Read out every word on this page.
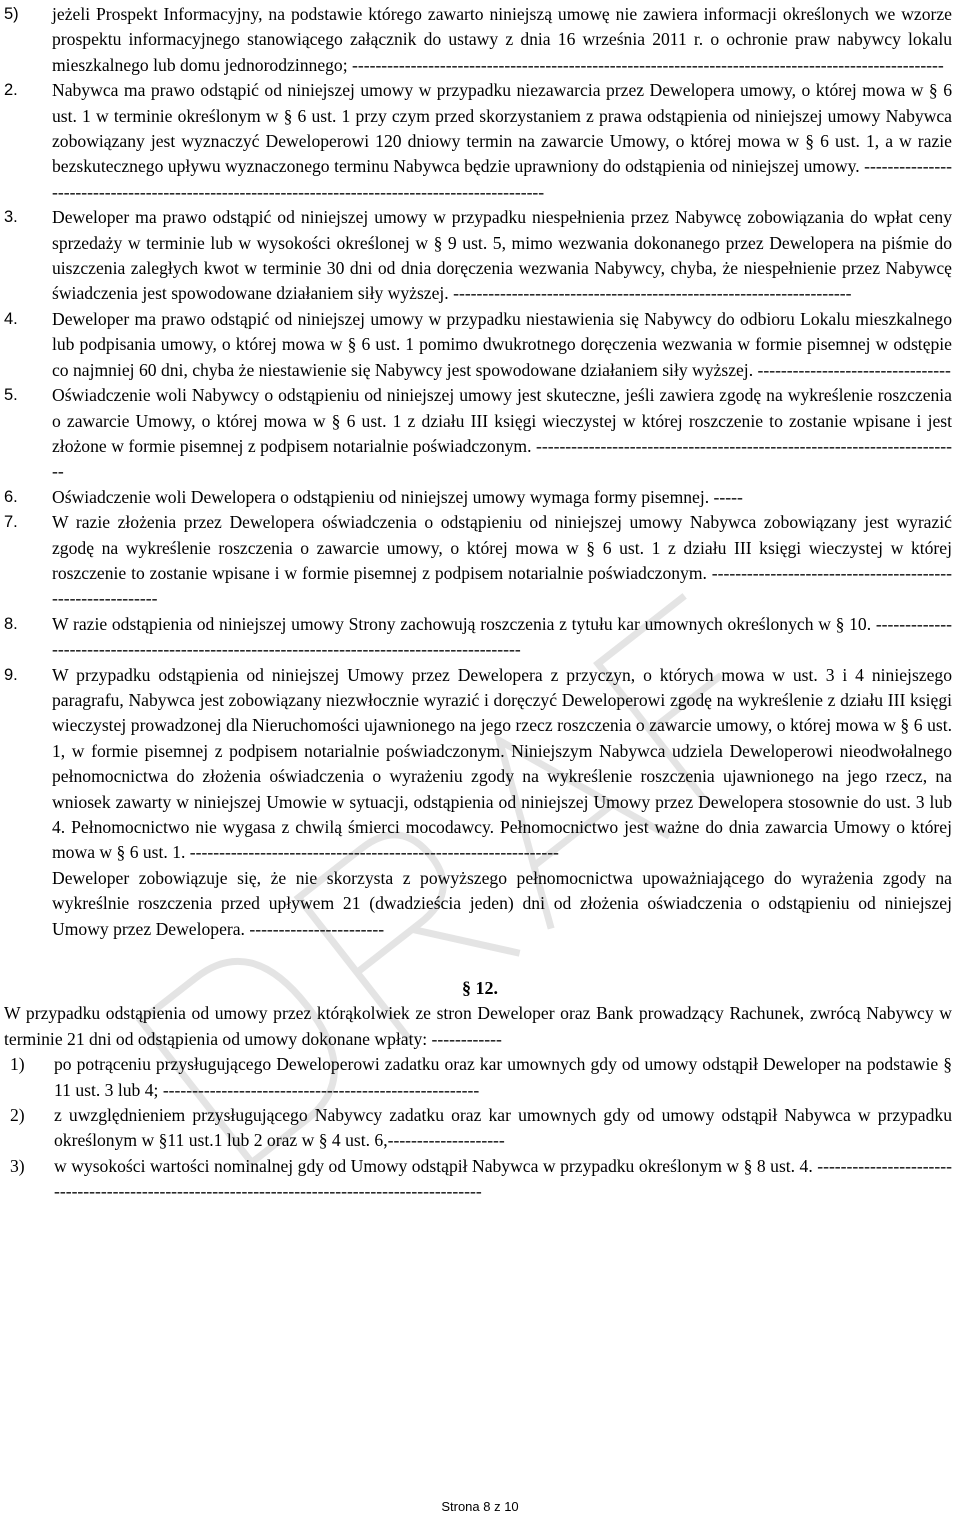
5) jeżeli Prospekt Informacyjny, na podstawie którego zawarto niniejszą umowę nie zawiera informacji określonych we wzorze prospektu informacyjnego stanowiącego załącznik do ustawy z dnia 16 września 2011 r. o ochronie praw nabywcy lokalu mieszkalnego lub domu jednorodzinnego; -----------------------------------------------------------------------------------------------------

2. Nabywca ma prawo odstąpić od niniejszej umowy w przypadku niezawarcia przez Dewelopera umowy, o której mowa w § 6 ust. 1 w terminie określonym w § 6 ust. 1 przy czym przed skorzystaniem z prawa odstąpienia od niniejszej umowy Nabywca zobowiązany jest wyznaczyć Deweloperowi 120 dniowy termin na zawarcie Umowy, o której mowa w § 6 ust. 1, a w razie bezskutecznego upływu wyznaczonego terminu Nabywca będzie uprawniony do odstąpienia od niniejszej umowy. ---------------------------------------------------------------------------------------------------

3. Deweloper ma prawo odstąpić od niniejszej umowy w przypadku niespełnienia przez Nabywcę zobowiązania do wpłat ceny sprzedaży w terminie lub w wysokości określonej w § 9 ust. 5, mimo wezwania dokonanego przez Dewelopera na piśmie do uiszczenia zaległych kwot w terminie 30 dni od dnia doręczenia wezwania Nabywcy, chyba, że niespełnienie przez Nabywcę świadczenia jest spowodowane działaniem siły wyższej. --------------------------------------------------------------------

4. Deweloper ma prawo odstąpić od niniejszej umowy w przypadku niestawienia się Nabywcy do odbioru Lokalu mieszkalnego lub podpisania umowy, o której mowa w § 6 ust. 1 pomimo dwukrotnego doręczenia wezwania w formie pisemnej w odstępie co najmniej 60 dni, chyba że niestawienie się Nabywcy jest spowodowane działaniem siły wyższej. ---------------------------------

5. Oświadczenie woli Nabywcy o odstąpieniu od niniejszej umowy jest skuteczne, jeśli zawiera zgodę na wykreślenie roszczenia o zawarcie Umowy, o której mowa w § 6 ust. 1 z działu III księgi wieczystej w której roszczenie to zostanie wpisane i jest złożone w formie pisemnej z podpisem notarialnie poświadczonym. -------------------------------------------------------------------------

6. Oświadczenie woli Dewelopera o odstąpieniu od niniejszej umowy wymaga formy pisemnej. -----

7. W razie złożenia przez Dewelopera oświadczenia o odstąpieniu od niniejszej umowy Nabywca zobowiązany jest wyrazić zgodę na wykreślenie roszczenia o zawarcie umowy, o której mowa w § 6 ust. 1 z działu III księgi wieczystej w której roszczenie to zostanie wpisane i w formie pisemnej z podpisem notarialnie poświadczonym. -----------------------------------------------------------

8. W razie odstąpienia od niniejszej umowy Strony zachowują roszczenia z tytułu kar umownych określonych w § 10. ---------------------------------------------------------------------------------------------

9. W przypadku odstąpienia od niniejszej Umowy przez Dewelopera z przyczyn, o których mowa w ust. 3 i 4 niniejszego paragrafu, Nabywca jest zobowiązany niezwłocznie wyrazić i doręczyć Deweloperowi zgodę na wykreślenie z działu III księgi wieczystej prowadzonej dla Nieruchomości ujawnionego na jego rzecz roszczenia o zawarcie umowy, o której mowa w § 6 ust. 1, w formie pisemnej z podpisem notarialnie poświadczonym. Niniejszym Nabywca udziela Deweloperowi nieodwołalnego pełnomocnictwa do złożenia oświadczenia o wyrażeniu zgody na wykreślenie roszczenia ujawnionego na jego rzecz, na wniosek zawarty w niniejszej Umowie w sytuacji, odstąpienia od niniejszej Umowy przez Dewelopera stosownie do ust. 3 lub 4. Pełnomocnictwo nie wygasa z chwilą śmierci mocodawcy. Pełnomocnictwo jest ważne do dnia zawarcia Umowy o której mowa w § 6 ust. 1. ---------------------------------------------------------------

Deweloper zobowiązuje się, że nie skorzysta z powyższego pełnomocnictwa upoważniającego do wyrażenia zgody na wykreślnie roszczenia przed upływem 21 (dwadzieścia jeden) dni od złożenia oświadczenia o odstąpieniu od niniejszej Umowy przez Dewelopera. -----------------------

§ 12.

W przypadku odstąpienia od umowy przez którąkolwiek ze stron Deweloper oraz Bank prowadzący Rachunek, zwrócą Nabywcy w terminie 21 dni od odstąpienia od umowy dokonane wpłaty: ------------

1) po potrąceniu przysługującego Deweloperowi zadatku oraz kar umownych gdy od umowy odstąpił Deweloper na podstawie § 11 ust. 3 lub 4; ------------------------------------------------------

2) z uwzględnieniem przysługującego Nabywcy zadatku oraz kar umownych gdy od umowy odstąpił Nabywca w przypadku określonym w §11 ust.1 lub 2 oraz w § 4 ust. 6,--------------------

3) w wysokości wartości nominalnej gdy od Umowy odstąpił Nabywca w przypadku określonym w § 8 ust. 4. ------------------------------------------------------------------------------------------------

Strona 8 z 10
